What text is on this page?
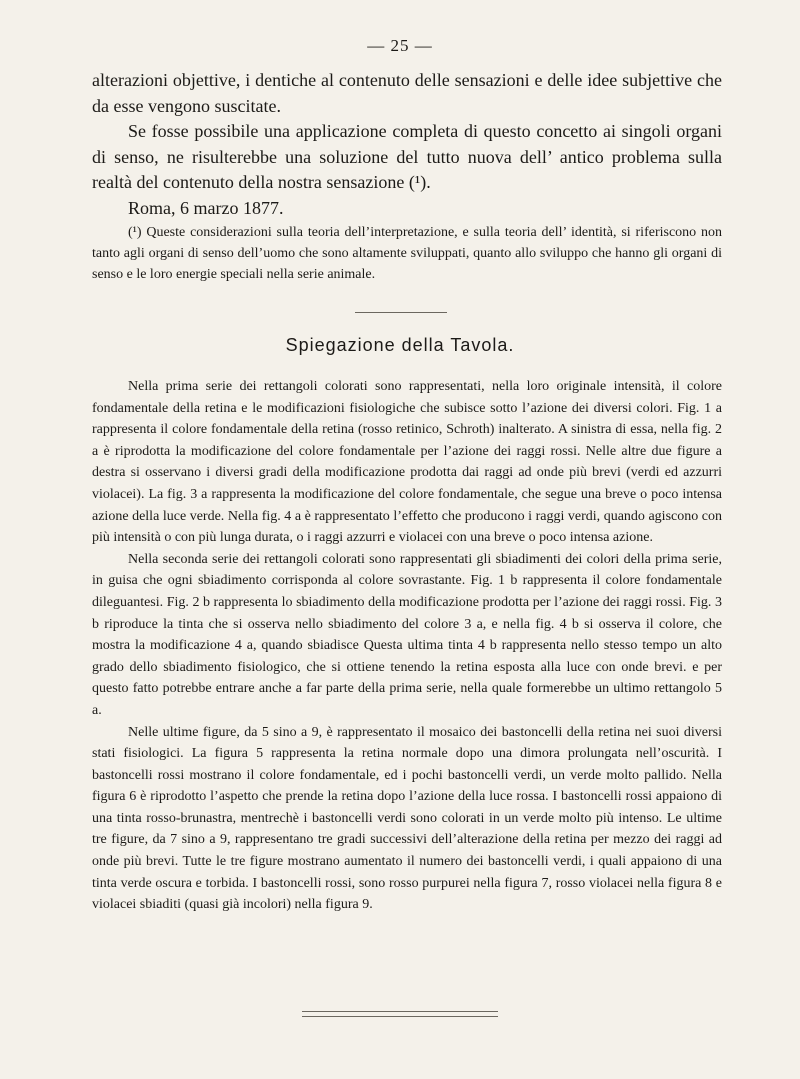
— 25 —

alterazioni objettive, i dentiche al contenuto delle sensazioni e delle idee subjettive che da esse vengono suscitate.

Se fosse possibile una applicazione completa di questo concetto ai singoli organi di senso, ne risulterebbe una soluzione del tutto nuova dell’ antico problema sulla realtà del contenuto della nostra sensazione (¹).

Roma, 6 marzo 1877.

(¹) Queste considerazioni sulla teoria dell’interpretazione, e sulla teoria dell’ identità, si riferiscono non tanto agli organi di senso dell’uomo che sono altamente sviluppati, quanto allo sviluppo che hanno gli organi di senso e le loro energie speciali nella serie animale.

Spiegazione della Tavola.

Nella prima serie dei rettangoli colorati sono rappresentati, nella loro originale intensità, il colore fondamentale della retina e le modificazioni fisiologiche che subisce sotto l’azione dei diversi colori. Fig. 1 a rappresenta il colore fondamentale della retina (rosso retinico, Schroth) inalterato. A sinistra di essa, nella fig. 2 a è riprodotta la modificazione del colore fondamentale per l’azione dei raggi rossi. Nelle altre due figure a destra si osservano i diversi gradi della modificazione prodotta dai raggi ad onde più brevi (verdi ed azzurri violacei). La fig. 3 a rappresenta la modificazione del colore fondamentale, che segue una breve o poco intensa azione della luce verde. Nella fig. 4 a è rappresentato l’effetto che producono i raggi verdi, quando agiscono con più intensità o con più lunga durata, o i raggi azzurri e violacei con una breve o poco intensa azione.

Nella seconda serie dei rettangoli colorati sono rappresentati gli sbiadimenti dei colori della prima serie, in guisa che ogni sbiadimento corrisponda al colore sovrastante. Fig. 1 b rappresenta il colore fondamentale dileguantesi. Fig. 2 b rappresenta lo sbiadimento della modificazione prodotta per l’azione dei raggi rossi. Fig. 3 b riproduce la tinta che si osserva nello sbiadimento del colore 3 a, e nella fig. 4 b si osserva il colore, che mostra la modificazione 4 a, quando sbiadisce Questa ultima tinta 4 b rappresenta nello stesso tempo un alto grado dello sbiadimento fisiologico, che si ottiene tenendo la retina esposta alla luce con onde brevi. e per questo fatto potrebbe entrare anche a far parte della prima serie, nella quale formerebbe un ultimo rettangolo 5 a.

Nelle ultime figure, da 5 sino a 9, è rappresentato il mosaico dei bastoncelli della retina nei suoi diversi stati fisiologici. La figura 5 rappresenta la retina normale dopo una dimora prolungata nell’oscurità. I bastoncelli rossi mostrano il colore fondamentale, ed i pochi bastoncelli verdi, un verde molto pallido. Nella figura 6 è riprodotto l’aspetto che prende la retina dopo l’azione della luce rossa. I bastoncelli rossi appaiono di una tinta rosso-brunastra, mentrechè i bastoncelli verdi sono colorati in un verde molto più intenso. Le ultime tre figure, da 7 sino a 9, rappresentano tre gradi successivi dell’alterazione della retina per mezzo dei raggi ad onde più brevi. Tutte le tre figure mostrano aumentato il numero dei bastoncelli verdi, i quali appaiono di una tinta verde oscura e torbida. I bastoncelli rossi, sono rosso purpurei nella figura 7, rosso violacei nella figura 8 e violacei sbiaditi (quasi già incolori) nella figura 9.
